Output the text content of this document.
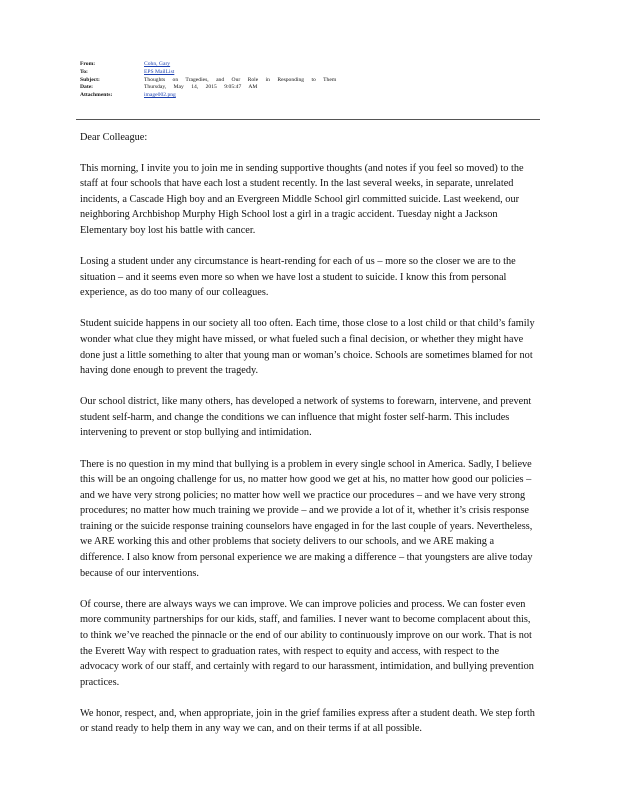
From:	Cohn, Gary
To:	EPS MailList
Subject:	Thoughts on Tragedies, and Our Role in Responding to Them
Date:	Thursday, May 14, 2015 9:05:47 AM
Attachments:	image002.png
Dear Colleague:

This morning, I invite you to join me in sending supportive thoughts (and notes if you feel so moved) to the staff at four schools that have each lost a student recently. In the last several weeks, in separate, unrelated incidents, a Cascade High boy and an Evergreen Middle School girl committed suicide. Last weekend, our neighboring Archbishop Murphy High School lost a girl in a tragic accident. Tuesday night a Jackson Elementary boy lost his battle with cancer.

Losing a student under any circumstance is heart-rending for each of us – more so the closer we are to the situation – and it seems even more so when we have lost a student to suicide. I know this from personal experience, as do too many of our colleagues.

Student suicide happens in our society all too often. Each time, those close to a lost child or that child’s family wonder what clue they might have missed, or what fueled such a final decision, or whether they might have done just a little something to alter that young man or woman’s choice. Schools are sometimes blamed for not having done enough to prevent the tragedy.

Our school district, like many others, has developed a network of systems to forewarn, intervene, and prevent student self-harm, and change the conditions we can influence that might foster self-harm. This includes intervening to prevent or stop bullying and intimidation.

There is no question in my mind that bullying is a problem in every single school in America. Sadly, I believe this will be an ongoing challenge for us, no matter how good we get at his, no matter how good our policies – and we have very strong policies; no matter how well we practice our procedures – and we have very strong procedures; no matter how much training we provide – and we provide a lot of it, whether it’s crisis response training or the suicide response training counselors have engaged in for the last couple of years. Nevertheless, we ARE working this and other problems that society delivers to our schools, and we ARE making a difference. I also know from personal experience we are making a difference – that youngsters are alive today because of our interventions.

Of course, there are always ways we can improve. We can improve policies and process. We can foster even more community partnerships for our kids, staff, and families. I never want to become complacent about this, to think we’ve reached the pinnacle or the end of our ability to continuously improve on our work. That is not the Everett Way with respect to graduation rates, with respect to equity and access, with respect to the advocacy work of our staff, and certainly with regard to our harassment, intimidation, and bullying prevention practices.

We honor, respect, and, when appropriate, join in the grief families express after a student death. We step forth or stand ready to help them in any way we can, and on their terms if at all possible.
